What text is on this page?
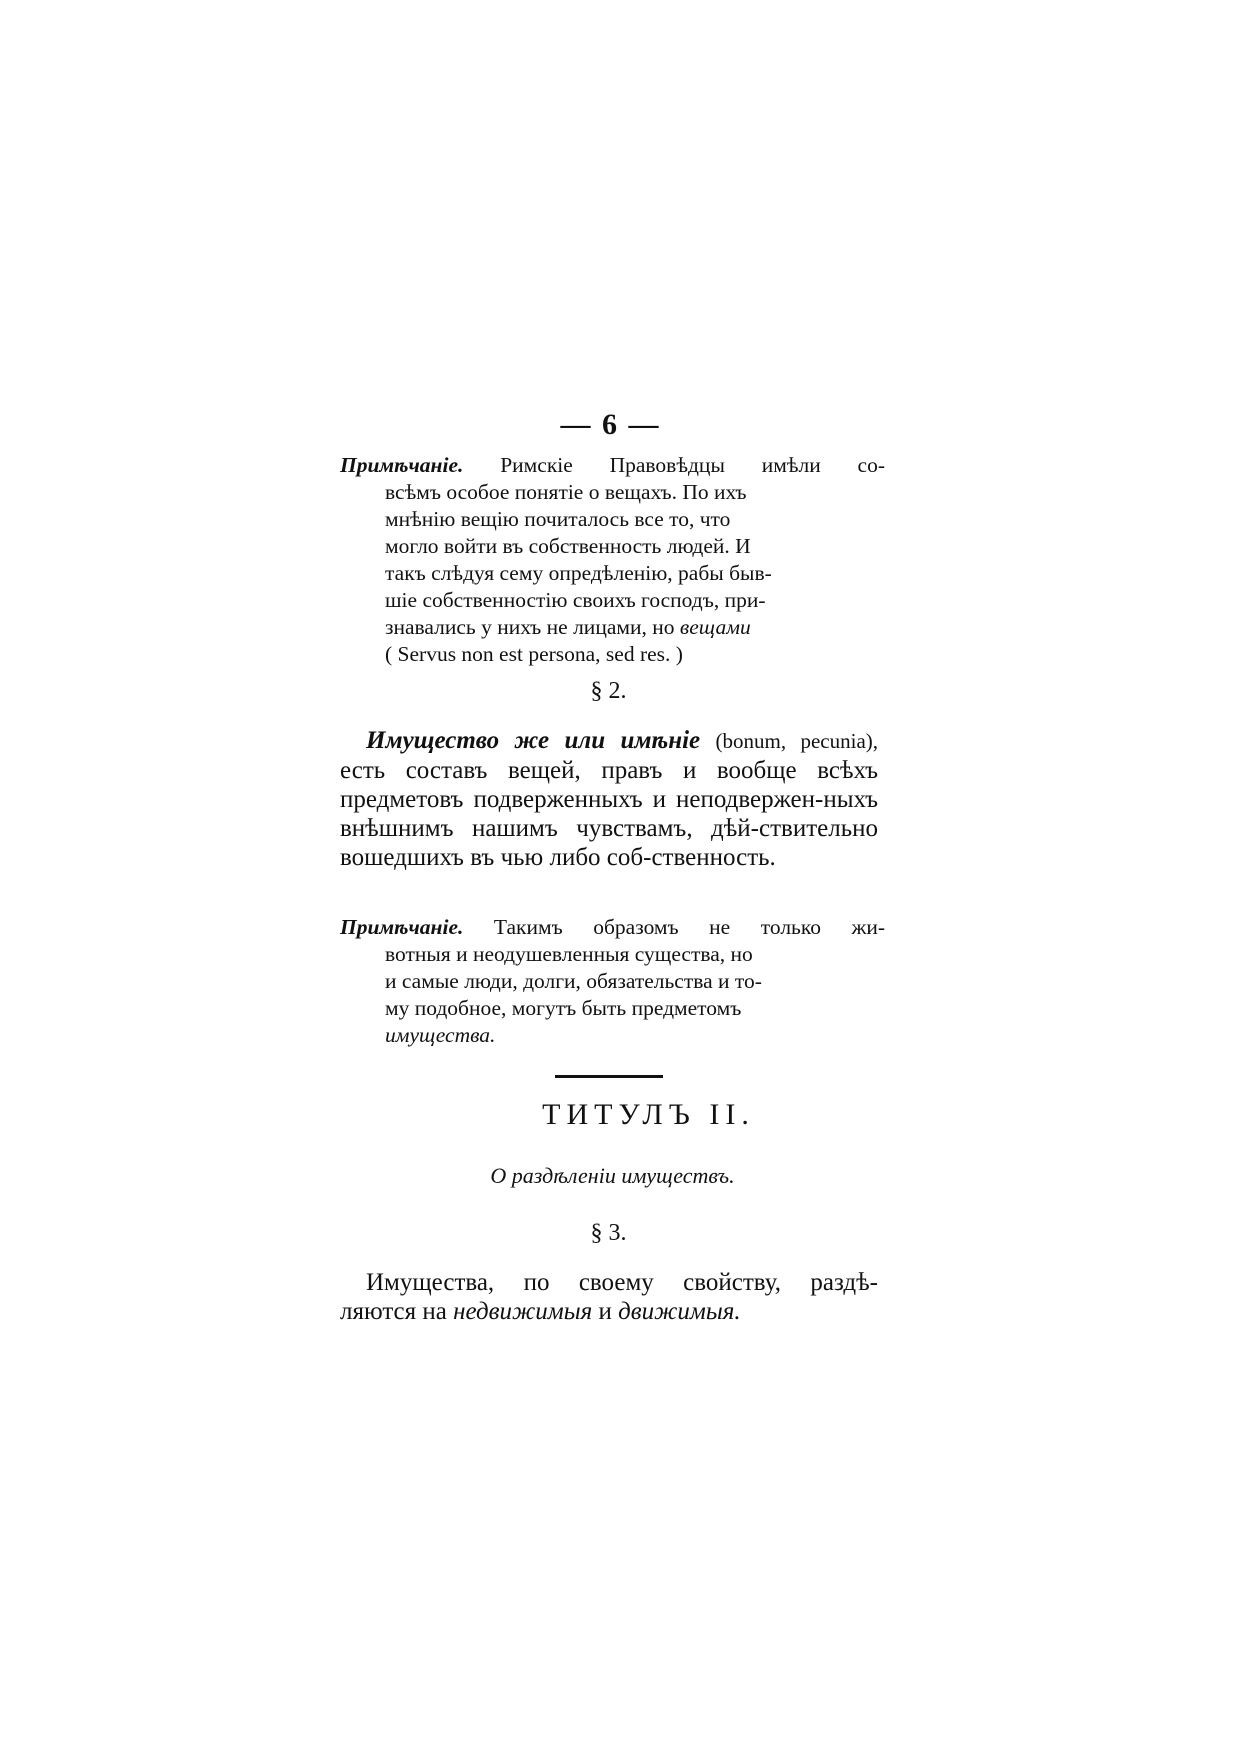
— 6 —
Примѣчаніе. Римскіе Правовѣдцы имѣли со-
всѣмъ особое понятіе о вещахъ. По ихъ
мнѣнію вещію почиталось все то, что
могло войти въ собственность людей. И
такъ слѣдуя сему опредѣленію, рабы быв-
шіе собственностію своихъ господъ, при-
знавались у нихъ не лицами, но вещами
( Servus non est persona, sed res. )
§ 2.
Имущество же или имѣніе (bonum, pecunia), есть составъ вещей, правъ и вообще всѣхъ предметовъ подверженныхъ и неподвержен-ныхъ внѣшнимъ нашимъ чувствамъ, дѣй-ствительно вошедшихъ въ чью либо соб-ственность.
Примѣчаніе. Такимъ образомъ не только жи-
вотныя и неодушевленныя существа, но
и самые люди, долги, обязательства и то-
му подобное, могутъ быть предметомъ
имущества.
ТИТУЛЪ II.
О раздѣленіи имуществъ.
§ 3.
Имущества, по своему свойству, раздѣ-
ляются на недвижимыя и движимыя.
